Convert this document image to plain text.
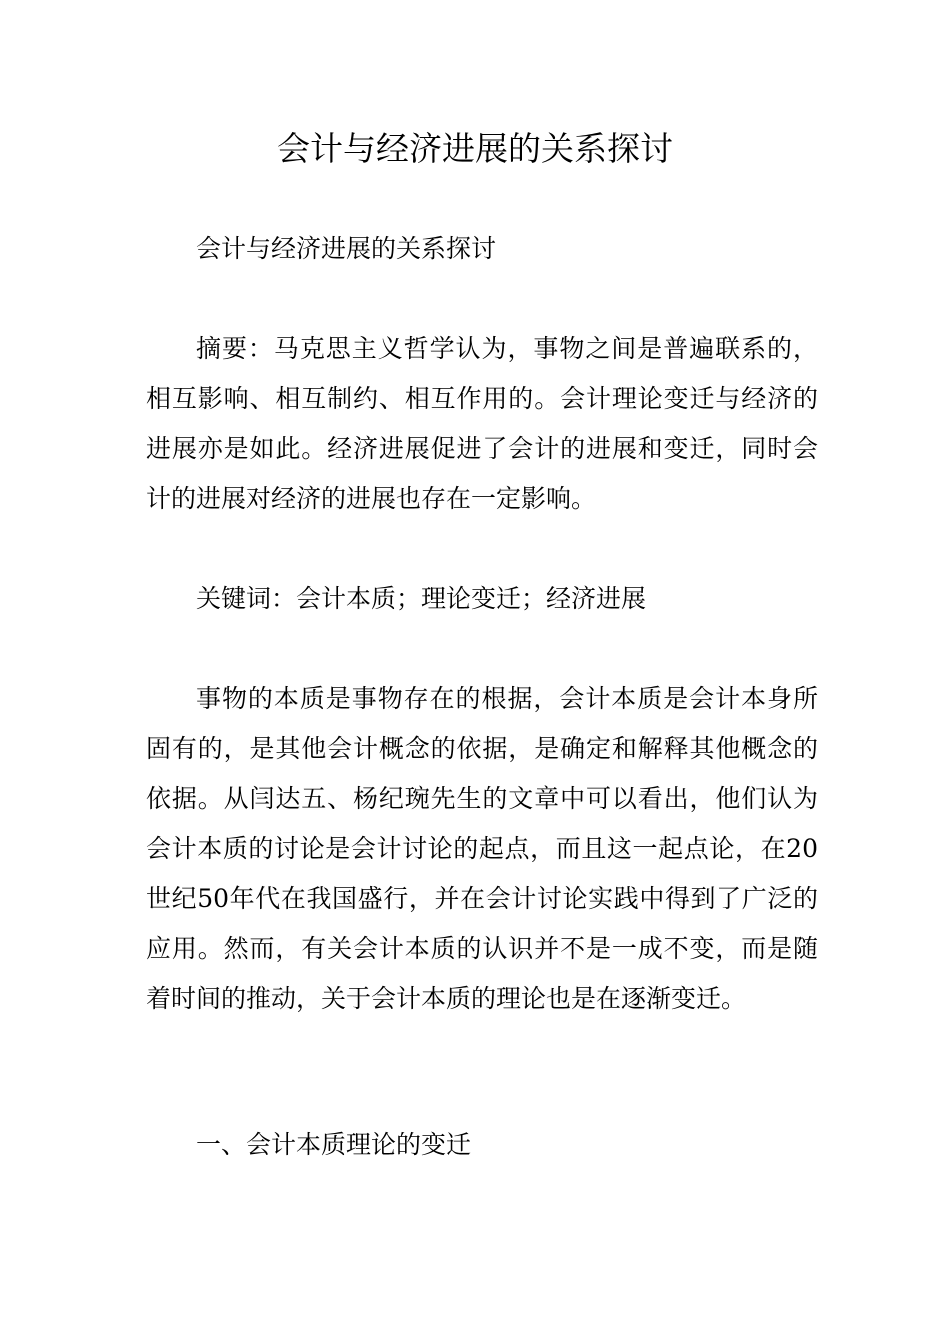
会计与经济进展的关系探讨

会计与经济进展的关系探讨

摘要：马克思主义哲学认为，事物之间是普遍联系的，相互影响、相互制约、相互作用的。会计理论变迁与经济的进展亦是如此。经济进展促进了会计的进展和变迁，同时会计的进展对经济的进展也存在一定影响。

关键词：会计本质；理论变迁；经济进展

事物的本质是事物存在的根据，会计本质是会计本身所固有的，是其他会计概念的依据，是确定和解释其他概念的依据。从闫达五、杨纪琬先生的文章中可以看出，他们认为会计本质的讨论是会计讨论的起点，而且这一起点论，在20世纪50年代在我国盛行，并在会计讨论实践中得到了广泛的应用。然而，有关会计本质的认识并不是一成不变，而是随着时间的推动，关于会计本质的理论也是在逐渐变迁。

一、会计本质理论的变迁
